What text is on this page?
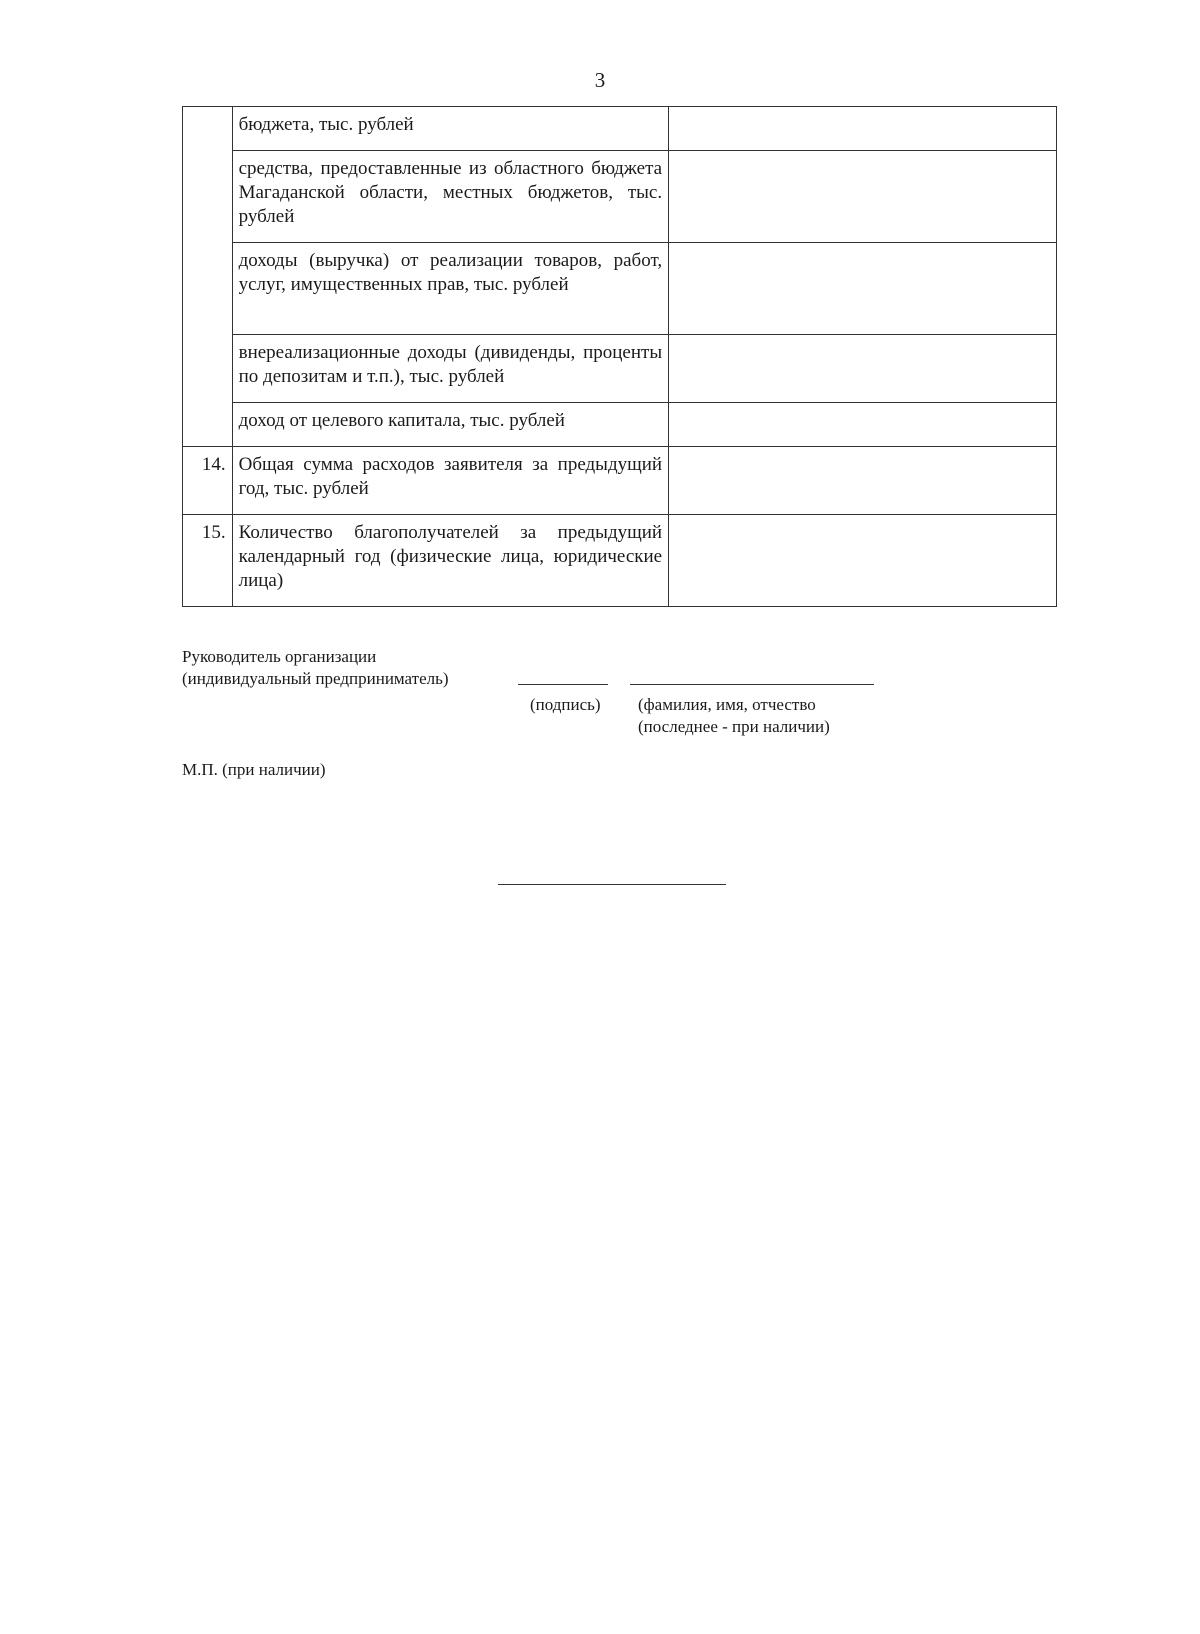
3
	бюджета, тыс. рублей	
	средства, предоставленные из областного бюджета Магаданской области, местных бюджетов, тыс. рублей	
	доходы (выручка) от реализации товаров, работ, услуг, имущественных прав, тыс. рублей	
	внереализационные доходы (дивиденды, проценты по депозитам и т.п.), тыс. рублей	
	доход от целевого капитала, тыс. рублей	
14.	Общая сумма расходов заявителя за предыдущий год, тыс. рублей	
15.	Количество благополучателей за предыдущий календарный год (физические лица, юридические лица)	
Руководитель организации
(индивидуальный предприниматель)
(подпись) (фамилия, имя, отчество
(последнее - при наличии)
М.П. (при наличии)
